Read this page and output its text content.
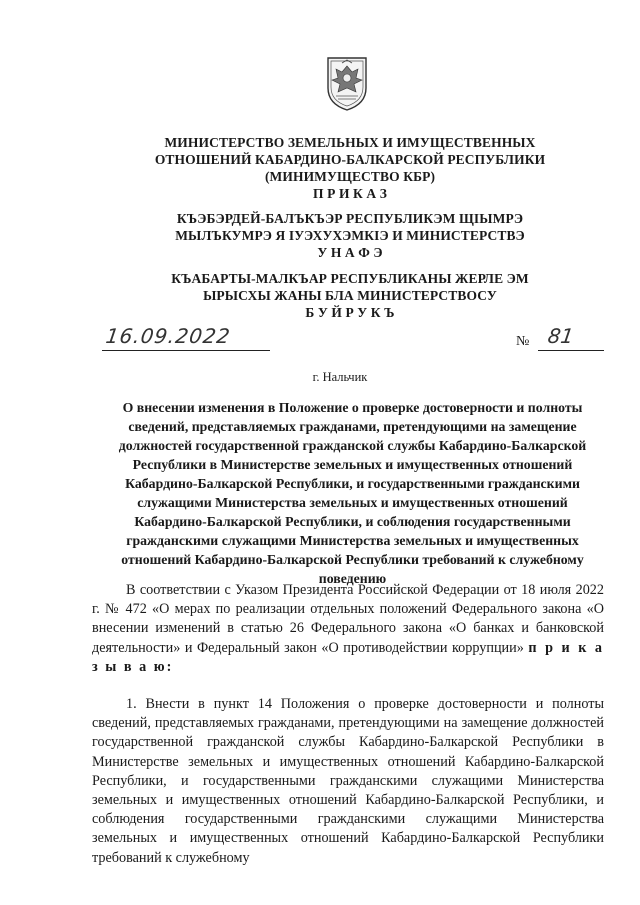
МИНИСТЕРСТВО ЗЕМЕЛЬНЫХ И ИМУЩЕСТВЕННЫХ
ОТНОШЕНИЙ КАБАРДИНО-БАЛКАРСКОЙ РЕСПУБЛИКИ
(МИНИМУЩЕСТВО КБР)
П Р И К А З
КЪЭБЭРДЕЙ-БАЛЪКЪЭР РЕСПУБЛИКЭМ ЩIЫМРЭ
МЫЛЪКУМРЭ Я IУЭХУХЭМКIЭ И МИНИСТЕРСТВЭ
У Н А Ф Э
КЪАБАРТЫ-МАЛКЪАР РЕСПУБЛИКАНЫ ЖЕРЛЕ ЭМ
ЫРЫСХЫ ЖАНЫ БЛА МИНИСТЕРСТВОСУ
Б У Й Р У К Ъ
16.09.2022	№ 81
г. Нальчик
О внесении изменения в Положение о проверке достоверности и полноты сведений, представляемых гражданами, претендующими на замещение должностей государственной гражданской службы Кабардино-Балкарской Республики в Министерстве земельных и имущественных отношений Кабардино-Балкарской Республики, и государственными гражданскими служащими Министерства земельных и имущественных отношений Кабардино-Балкарской Республики, и соблюдения государственными гражданскими служащими Министерства земельных и имущественных отношений Кабардино-Балкарской Республики требований к служебному поведению
В соответствии с Указом Президента Российской Федерации от 18 июля 2022 г. № 472 «О мерах по реализации отдельных положений Федерального закона «О внесении изменений в статью 26 Федерального закона «О банках и банковской деятельности» и Федеральный закон «О противодействии коррупции» п р и к а з ы в а ю:
1. Внести в пункт 14 Положения о проверке достоверности и полноты сведений, представляемых гражданами, претендующими на замещение должностей государственной гражданской службы Кабардино-Балкарской Республики в Министерстве земельных и имущественных отношений Кабардино-Балкарской Республики, и государственными гражданскими служащими Министерства земельных и имущественных отношений Кабардино-Балкарской Республики, и соблюдения государственными гражданскими служащими Министерства земельных и имущественных отношений Кабардино-Балкарской Республики требований к служебному
